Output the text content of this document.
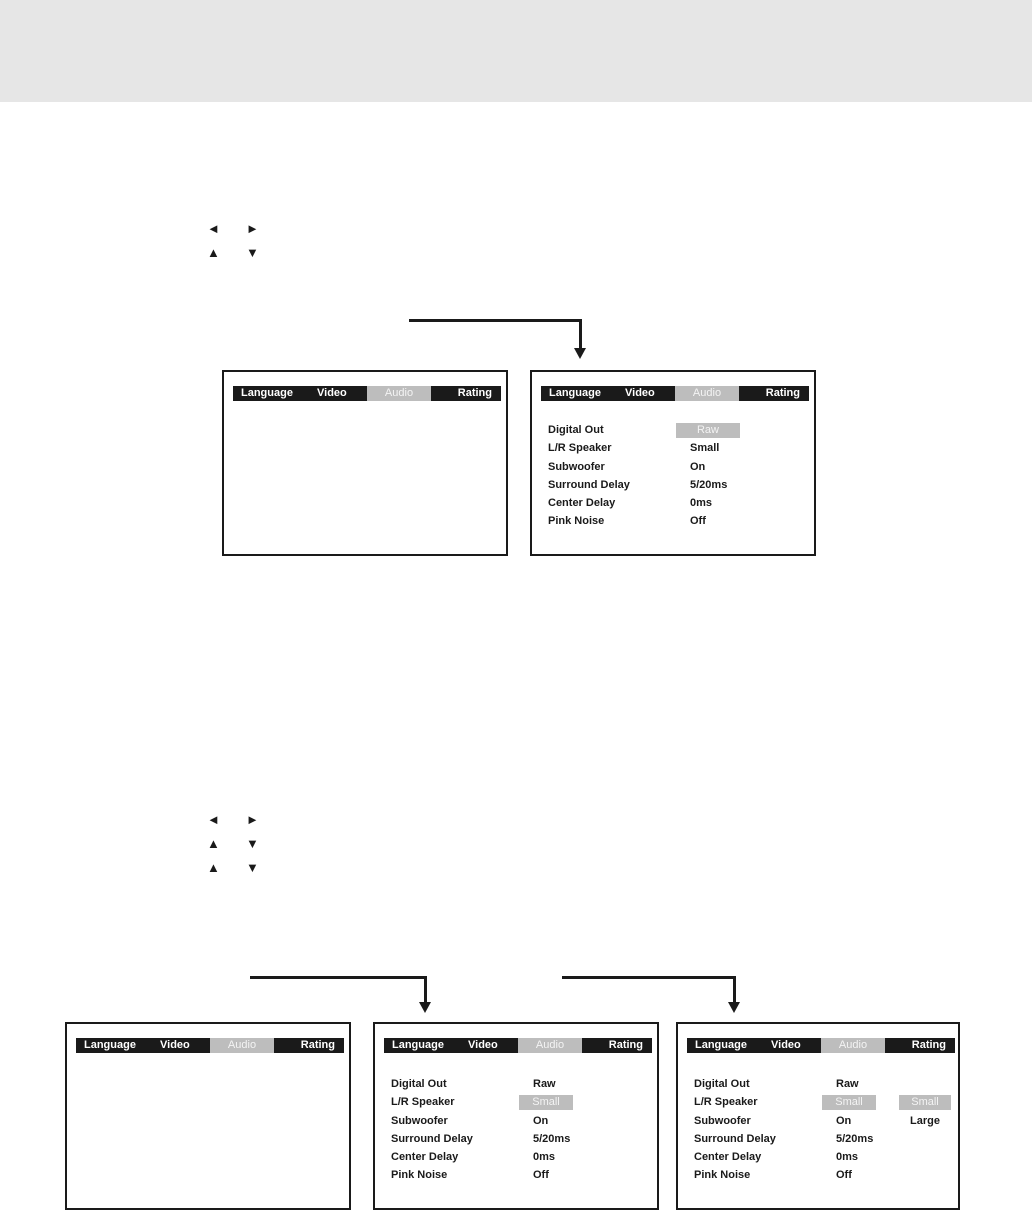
◄ ►
▲ ▼
Language	Video	Audio	Rating	Language	Video	Audio	Rating
Digital Out	Raw
L/R Speaker	Small
Subwoofer	On
Surround Delay	5/20ms
Center Delay	0ms
Pink Noise	Off
◄ ►
▲ ▼
▲ ▼
Language	Video	Audio	Rating	Language	Video	Audio	Rating
Digital Out	Raw
L/R Speaker	Small
Subwoofer	On
Surround Delay	5/20ms
Center Delay	0ms
Pink Noise	Off
Language	Video	Audio	Rating
Digital Out	Raw
L/R Speaker	Small	Small
Subwoofer	On	Large
Surround Delay	5/20ms
Center Delay	0ms
Pink Noise	Off
